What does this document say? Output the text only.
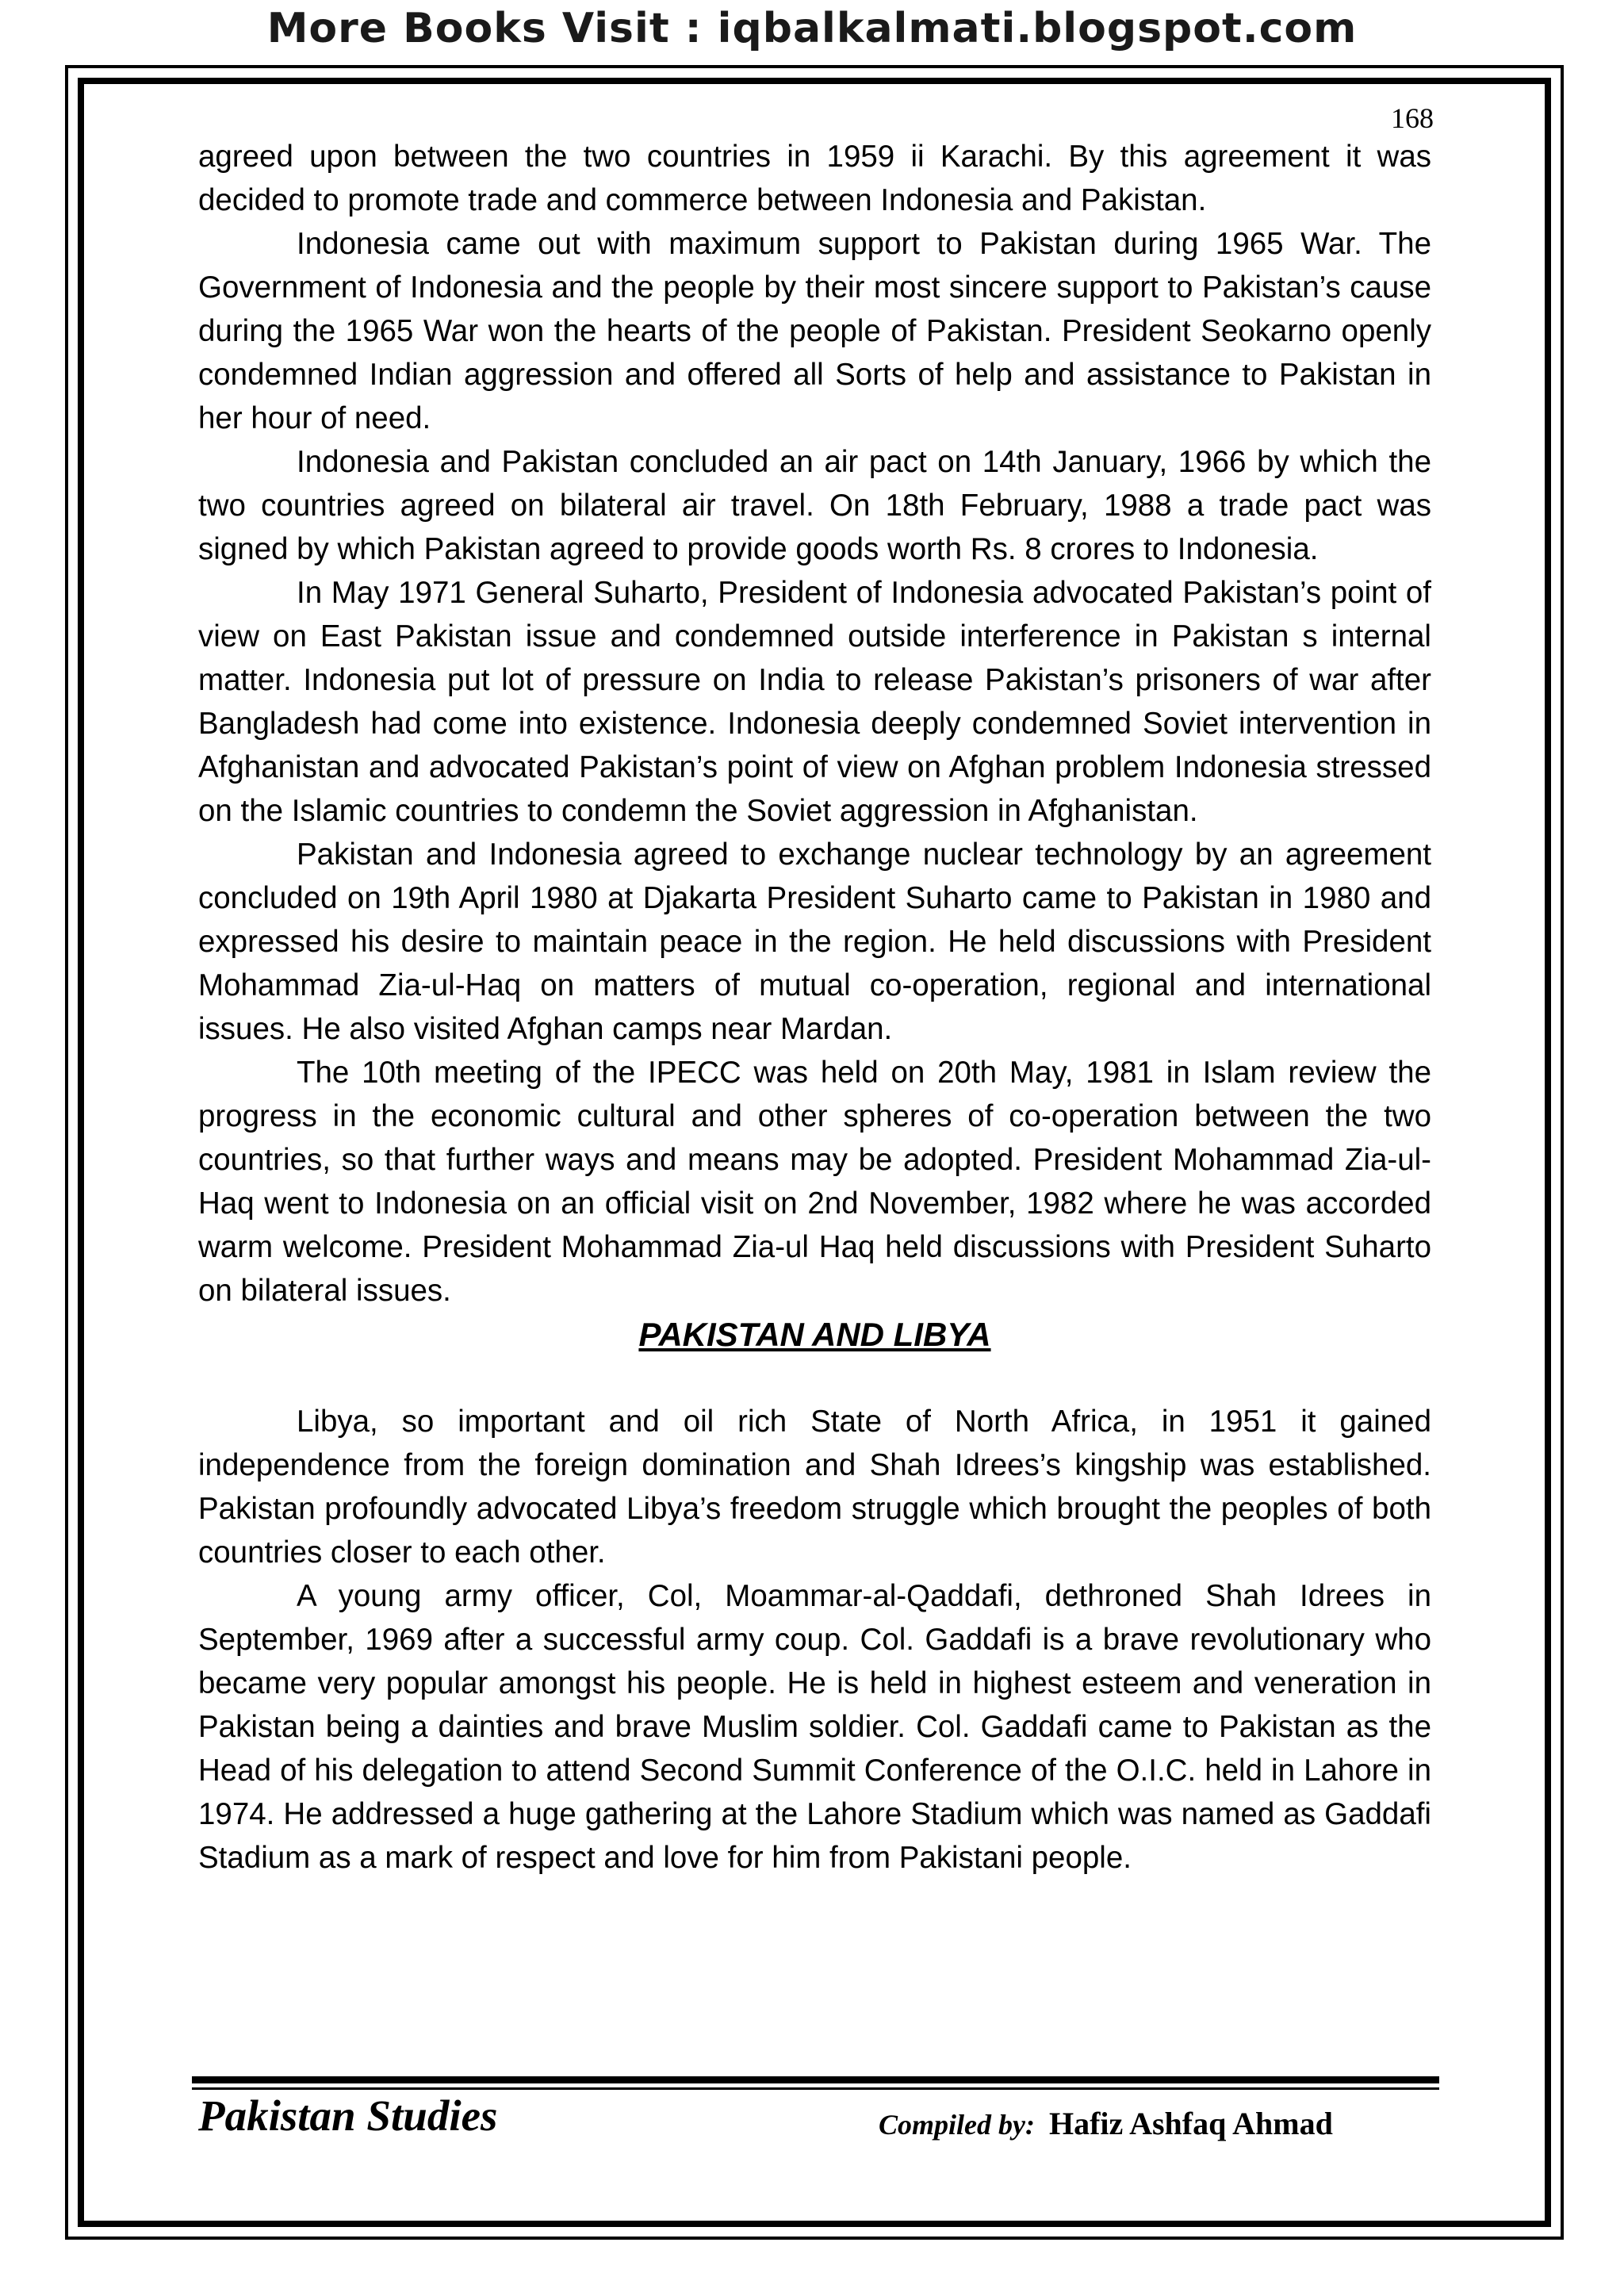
More Books Visit : iqbalkalmati.blogspot.com
168

agreed upon between the two countries in 1959 ii Karachi. By this agreement it was decided to promote trade and commerce between Indonesia and Pakistan.

Indonesia came out with maximum support to Pakistan during 1965 War. The Government of Indonesia and the people by their most sincere support to Pakistan’s cause during the 1965 War won the hearts of the people of Pakistan. President Seokarno openly condemned Indian aggression and offered all Sorts of help and assistance to Pakistan in her hour of need.

Indonesia and Pakistan concluded an air pact on 14th January, 1966 by which the two countries agreed on bilateral air travel. On 18th February, 1988 a trade pact was signed by which Pakistan agreed to provide goods worth Rs. 8 crores to Indonesia.

In May 1971 General Suharto, President of Indonesia advocated Pakistan’s point of view on East Pakistan issue and condemned outside interference in Pakistan s internal matter. Indonesia put lot of pressure on India to release Pakistan’s prisoners of war after Bangladesh had come into existence. Indonesia deeply condemned Soviet intervention in Afghanistan and advocated Pakistan’s point of view on Afghan problem Indonesia stressed on the Islamic countries to condemn the Soviet aggression in Afghanistan.

Pakistan and Indonesia agreed to exchange nuclear technology by an agreement concluded on 19th April 1980 at Djakarta President Suharto came to Pakistan in 1980 and expressed his desire to maintain peace in the region. He held discussions with President Mohammad Zia-ul-Haq on matters of mutual co-operation, regional and international issues. He also visited Afghan camps near Mardan.

The 10th meeting of the IPECC was held on 20th May, 1981 in Islam review the progress in the economic cultural and other spheres of co-operation between the two countries, so that further ways and means may be adopted. President Mohammad Zia-ul-Haq went to Indonesia on an official visit on 2nd November, 1982 where he was accorded warm welcome. President Mohammad Zia-ul Haq held discussions with President Suharto on bilateral issues.

PAKISTAN AND LIBYA

Libya, so important and oil rich State of North Africa, in 1951 it gained independence from the foreign domination and Shah Idrees’s kingship was established. Pakistan profoundly advocated Libya’s freedom struggle which brought the peoples of both countries closer to each other.

A young army officer, Col, Moammar-al-Qaddafi, dethroned Shah Idrees in September, 1969 after a successful army coup. Col. Gaddafi is a brave revolutionary who became very popular amongst his people. He is held in highest esteem and veneration in Pakistan being a dainties and brave Muslim soldier. Col. Gaddafi came to Pakistan as the Head of his delegation to attend Second Summit Conference of the O.I.C. held in Lahore in 1974. He addressed a huge gathering at the Lahore Stadium which was named as Gaddafi Stadium as a mark of respect and love for him from Pakistani people.

Pakistan Studies	Compiled by: Hafiz Ashfaq Ahmad
